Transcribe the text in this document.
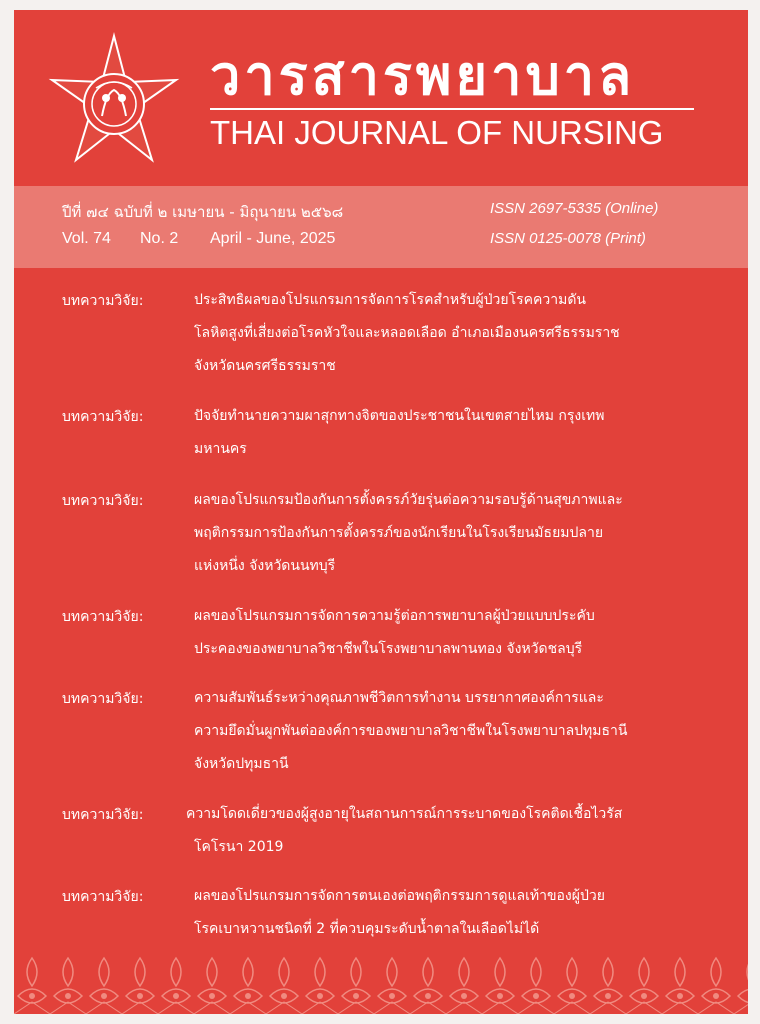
วารสารพยาบาล
THAI JOURNAL OF NURSING
ปีที่ ๗๔ ฉบับที่ ๒ เมษายน - มิถุนายน ๒๕๖๘
Vol. 74 No. 2 April - June, 2025
ISSN 2697-5335 (Online)
ISSN 0125-0078 (Print)
บทความวิจัย:	ประสิทธิผลของโปรแกรมการจัดการโรคสำหรับผู้ป่วยโรคความดัน
โลหิตสูงที่เสี่ยงต่อโรคหัวใจและหลอดเลือด อำเภอเมืองนครศรีธรรมราช
จังหวัดนครศรีธรรมราช
บทความวิจัย:	ปัจจัยทำนายความผาสุกทางจิตของประชาชนในเขตสายไหม กรุงเทพ
มหานคร
บทความวิจัย:	ผลของโปรแกรมป้องกันการตั้งครรภ์วัยรุ่นต่อความรอบรู้ด้านสุขภาพและ
พฤติกรรมการป้องกันการตั้งครรภ์ของนักเรียนในโรงเรียนมัธยมปลาย
แห่งหนึ่ง จังหวัดนนทบุรี
บทความวิจัย:	ผลของโปรแกรมการจัดการความรู้ต่อการพยาบาลผู้ป่วยแบบประคับ
ประคองของพยาบาลวิชาชีพในโรงพยาบาลพานทอง จังหวัดชลบุรี
บทความวิจัย:	ความสัมพันธ์ระหว่างคุณภาพชีวิตการทำงาน บรรยากาศองค์การและ
ความยึดมั่นผูกพันต่อองค์การของพยาบาลวิชาชีพในโรงพยาบาลปทุมธานี
จังหวัดปทุมธานี
บทความวิจัย:	ความโดดเดี่ยวของผู้สูงอายุในสถานการณ์การระบาดของโรคติดเชื้อไวรัส
โคโรนา 2019
บทความวิจัย:	ผลของโปรแกรมการจัดการตนเองต่อพฤติกรรมการดูแลเท้าของผู้ป่วย
โรคเบาหวานชนิดที่ 2 ที่ควบคุมระดับน้ำตาลในเลือดไม่ได้
